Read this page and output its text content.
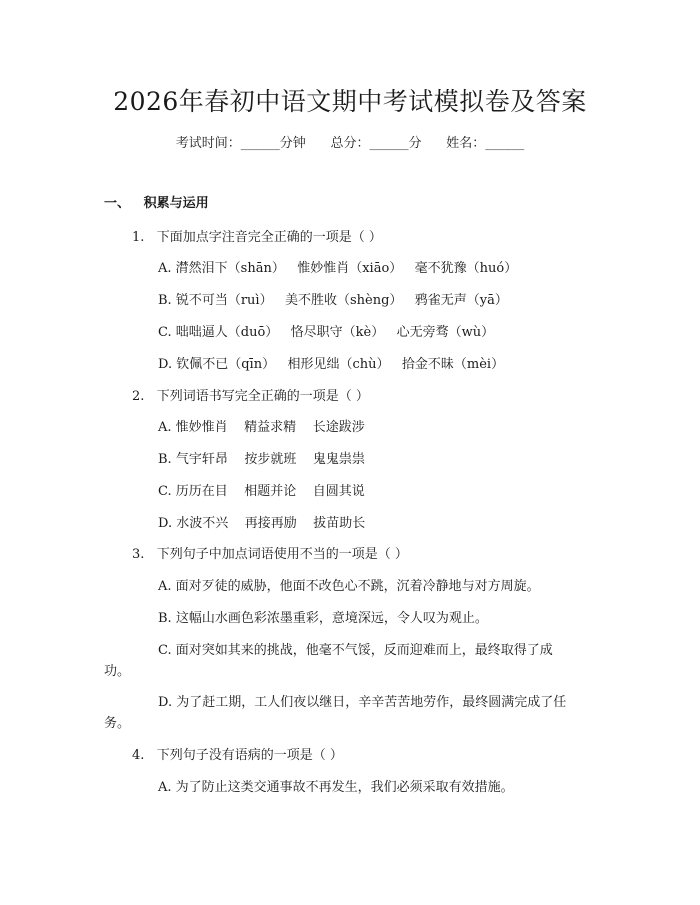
2026年春初中语文期中考试模拟卷及答案
考试时间：______分钟      总分：______分      姓名：______
一、   积累与运用
1.   下面加点字注音完全正确的一项是（ ）
A. 潸然泪下（shān）   惟妙惟肖（xiāo）   毫不犹豫（huó）
B. 锐不可当（ruì）   美不胜收（shèng）   鸦雀无声（yā）
C. 咄咄逼人（duō）   恪尽职守（kè）   心无旁骛（wù）
D. 钦佩不已（qīn）   相形见绌（chù）   拾金不昧（mèi）
2.   下列词语书写完全正确的一项是（ ）
A. 惟妙惟肖    精益求精    长途跋涉
B. 气宇轩昂    按步就班    鬼鬼祟祟
C. 历历在目    相题并论    自圆其说
D. 水波不兴    再接再励    拔苗助长
3.   下列句子中加点词语使用不当的一项是（ ）
A. 面对歹徒的威胁，他面不改色心不跳，沉着冷静地与对方周旋。
B. 这幅山水画色彩浓墨重彩，意境深远，令人叹为观止。
C. 面对突如其来的挑战，他毫不气馁，反而迎难而上，最终取得了成
功。
D. 为了赶工期，工人们夜以继日，辛辛苦苦地劳作，最终圆满完成了任
务。
4.   下列句子没有语病的一项是（ ）
A. 为了防止这类交通事故不再发生，我们必须采取有效措施。
